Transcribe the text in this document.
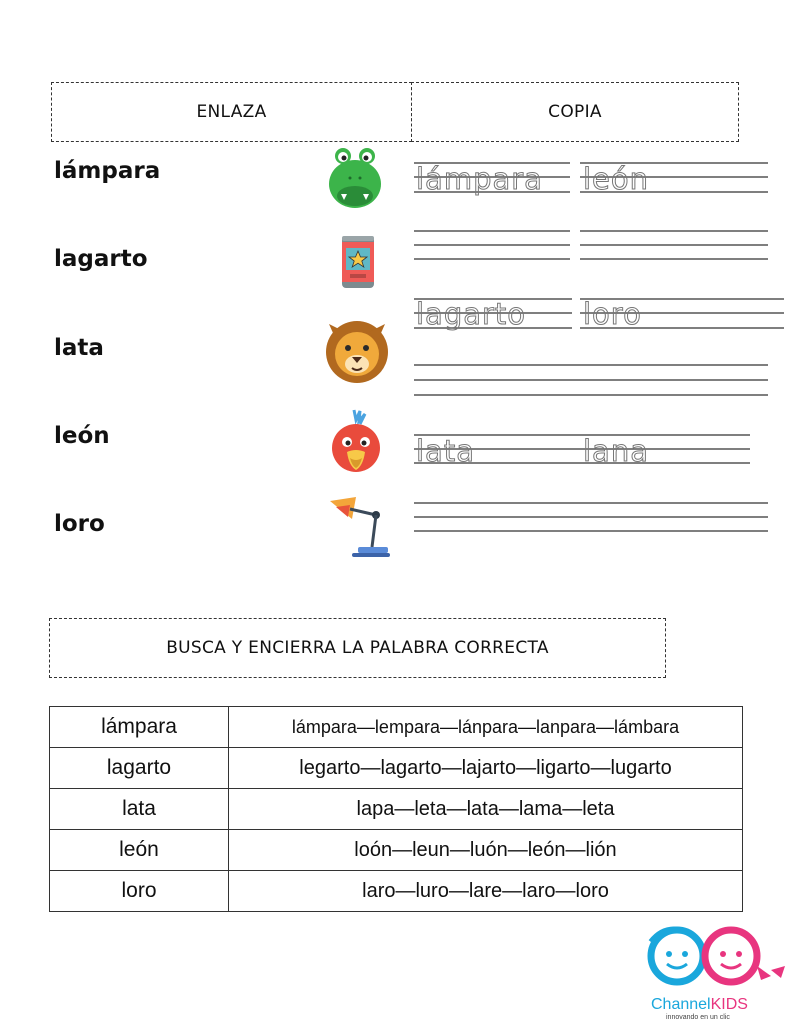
ENLAZA	COPIA
lámpara
lagarto
lata
león
loro
lámpara león
lagarto loro
lata	lana
BUSCA Y ENCIERRA LA PALABRA CORRECTA
lámpara	lámpara—lempara—lánpara—lanpara—lámbara
lagarto	legarto—lagarto—lajarto—ligarto—lugarto
lata	lapa—leta—lata—lama—leta
león	loón—leun—luón—león—lión
loro	laro—luro—lare—laro—loro
ChannelKIDS
innovando en un clic
